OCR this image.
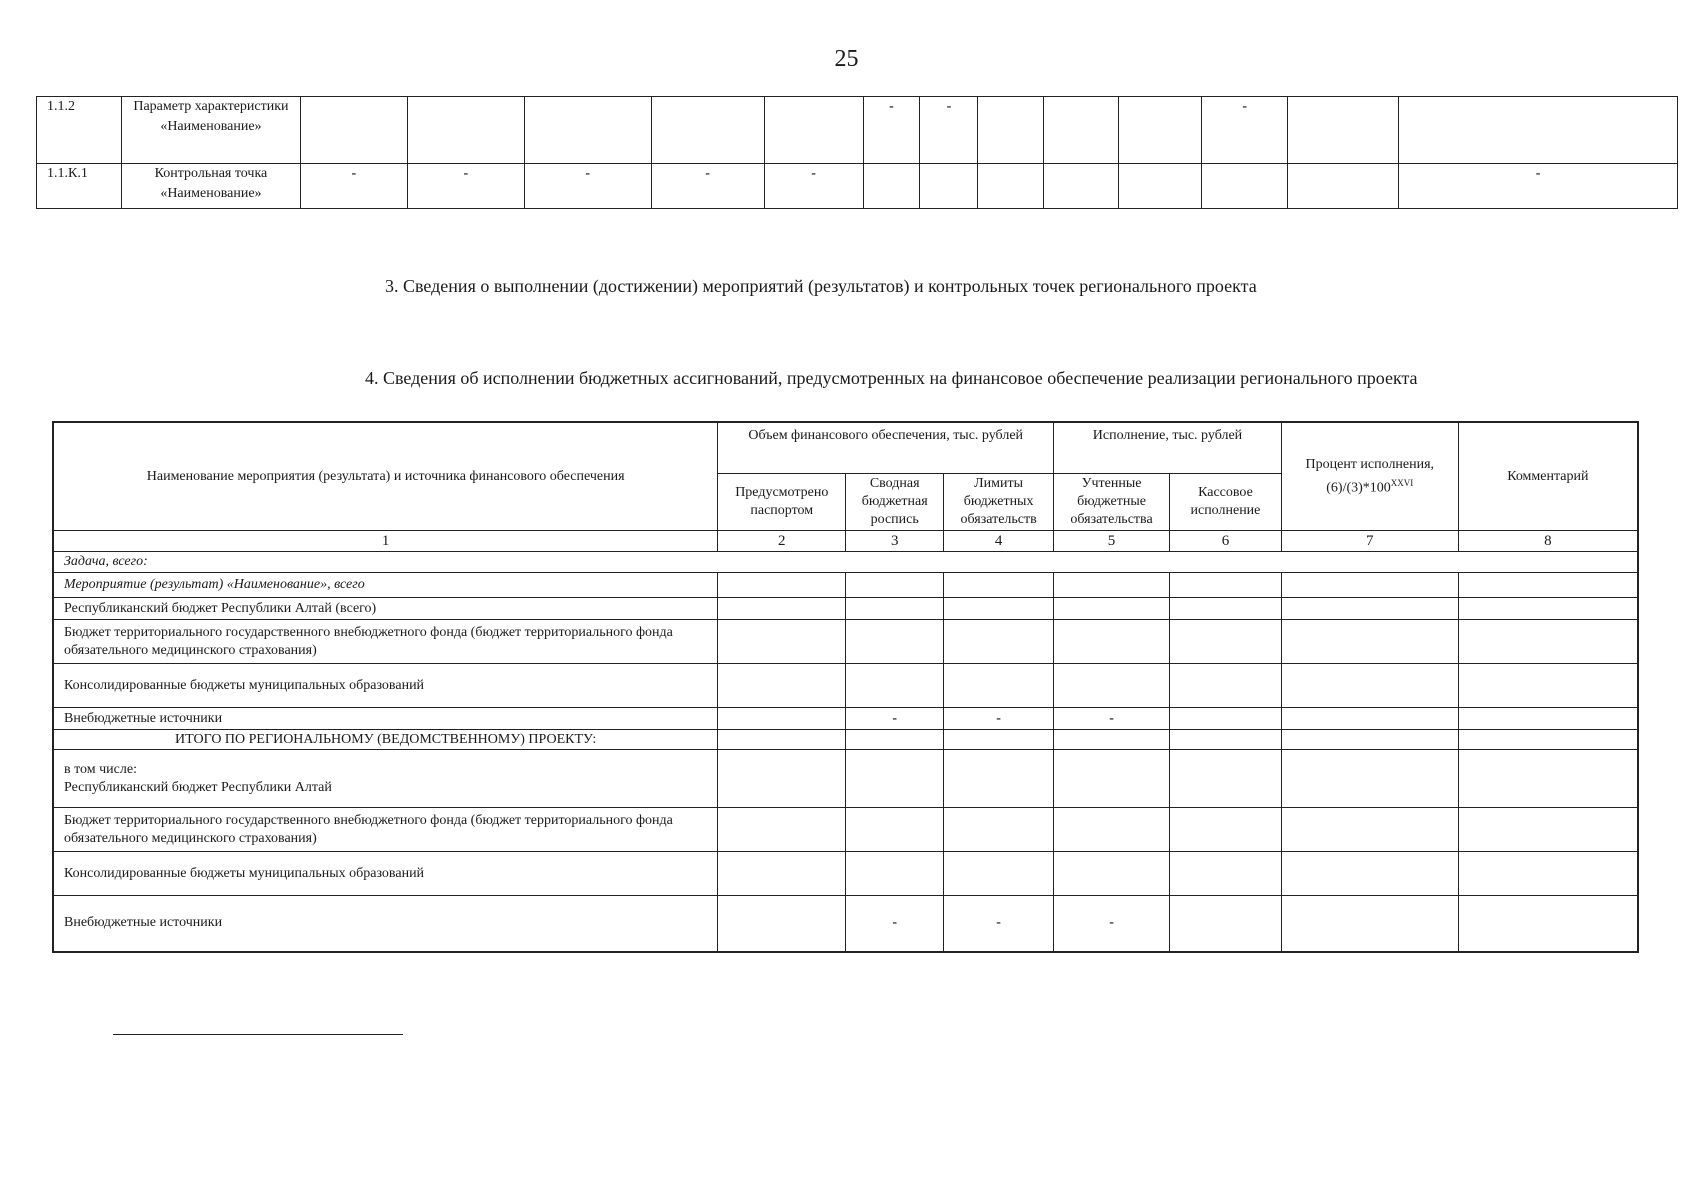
25
1.1.2	Параметр характеристики «Наименование»						-	-				-		
1.1.К.1	Контрольная точка «Наименование»	-	-	-	-	-								-
3. Сведения о выполнении (достижении) мероприятий (результатов) и контрольных точек регионального проекта
4. Сведения об исполнении бюджетных ассигнований, предусмотренных на финансовое обеспечение реализации регионального проекта
Наименование мероприятия (результата) и источника финансового обеспечения	Объем финансового обеспечения, тыс. рублей			Исполнение, тыс. рублей		Процент исполнения, $(6)/(3)*100^{XXVI}$	Комментарий
	Предусмотрено паспортом	Сводная бюджетная роспись	Лимиты бюджетных обязательств	Учтенные бюджетные обязательства	Кассовое исполнение		
1	2	3	4	5	6	7	8
Задача, всего:							
Мероприятие (результат) «Наименование», всего							
Республиканский бюджет Республики Алтай (всего)							
Бюджет территориального государственного внебюджетного фонда (бюджет территориального фонда обязательного медицинского страхования)							
Консолидированные бюджеты муниципальных образований							
Внебюджетные источники		-	-	-			
ИТОГО ПО РЕГИОНАЛЬНОМУ (ВЕДОМСТВЕННОМУ) ПРОЕКТУ:							

в том числе:
Республиканский бюджет Республики Алтай							

Бюджет территориального государственного внебюджетного фонда (бюджет территориального фонда обязательного медицинского страхования)							

Консолидированные бюджеты муниципальных образований							

Внебюджетные источники		-	-	-			
